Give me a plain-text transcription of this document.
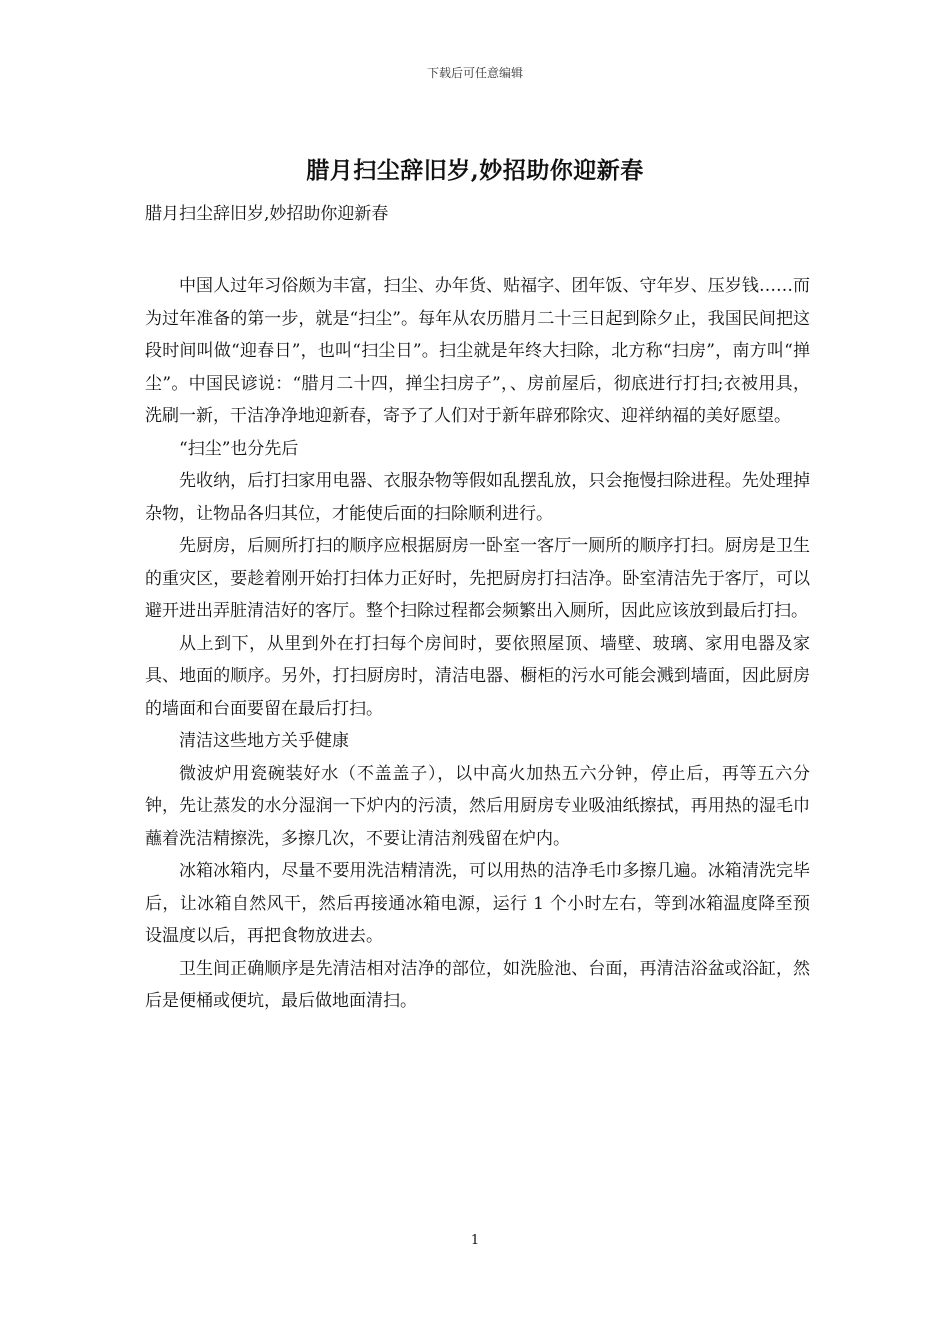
下载后可任意编辑
腊月扫尘辞旧岁,妙招助你迎新春
腊月扫尘辞旧岁,妙招助你迎新春

中国人过年习俗颇为丰富，扫尘、办年货、贴福字、团年饭、守年岁、压岁钱……而为过年准备的第一步，就是“扫尘”。每年从农历腊月二十三日起到除夕止，我国民间把这段时间叫做“迎春日”，也叫“扫尘日”。扫尘就是年终大扫除，北方称“扫房”，南方叫“掸尘”。中国民谚说：“腊月二十四，掸尘扫房子”，、房前屋后，彻底进行打扫;衣被用具，洗刷一新，干洁净净地迎新春，寄予了人们对于新年辟邪除灾、迎祥纳福的美好愿望。

“扫尘”也分先后

先收纳，后打扫家用电器、衣服杂物等假如乱摆乱放，只会拖慢扫除进程。先处理掉杂物，让物品各归其位，才能使后面的扫除顺利进行。

先厨房，后厕所打扫的顺序应根据厨房一卧室一客厅一厕所的顺序打扫。厨房是卫生的重灾区，要趁着刚开始打扫体力正好时，先把厨房打扫洁净。卧室清洁先于客厅，可以避开进出弄脏清洁好的客厅。整个扫除过程都会频繁出入厕所，因此应该放到最后打扫。

从上到下，从里到外在打扫每个房间时，要依照屋顶、墙壁、玻璃、家用电器及家具、地面的顺序。另外，打扫厨房时，清洁电器、橱柜的污水可能会溅到墙面，因此厨房的墙面和台面要留在最后打扫。

清洁这些地方关乎健康

微波炉用瓷碗装好水（不盖盖子），以中高火加热五六分钟，停止后，再等五六分钟，先让蒸发的水分湿润一下炉内的污渍，然后用厨房专业吸油纸擦拭，再用热的湿毛巾蘸着洗洁精擦洗，多擦几次，不要让清洁剂残留在炉内。

冰箱冰箱内，尽量不要用洗洁精清洗，可以用热的洁净毛巾多擦几遍。冰箱清洗完毕后，让冰箱自然风干，然后再接通冰箱电源，运行 1 个小时左右，等到冰箱温度降至预设温度以后，再把食物放进去。

卫生间正确顺序是先清洁相对洁净的部位，如洗脸池、台面，再清洁浴盆或浴缸，然后是便桶或便坑，最后做地面清扫。

1
